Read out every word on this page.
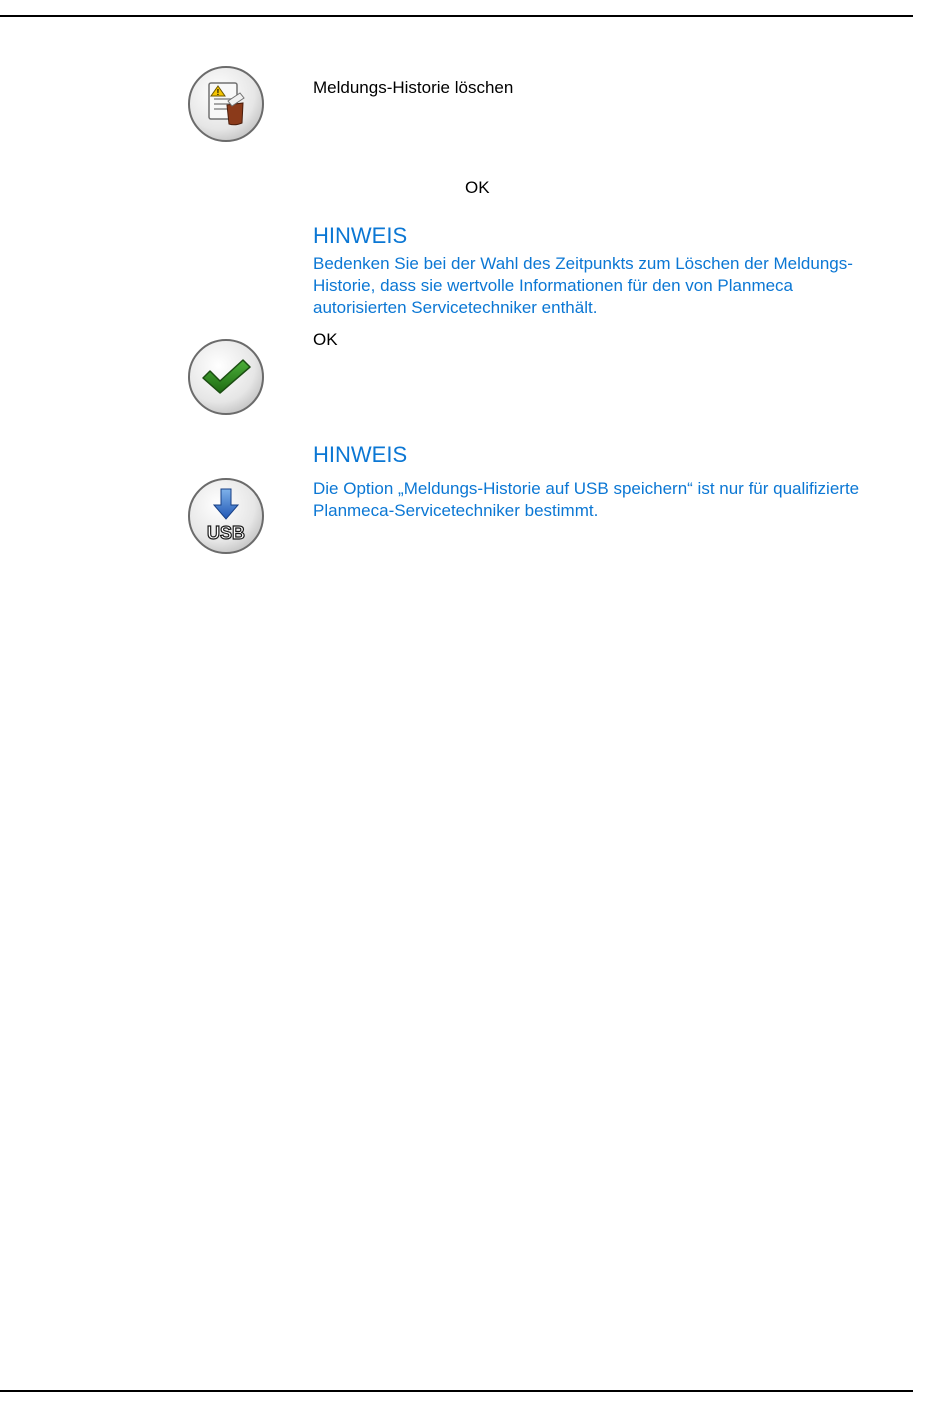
!	Meldungs-Historie löschen
OK
HINWEIS
Bedenken Sie bei der Wahl des Zeitpunkts zum Löschen der Meldungs-
Historie, dass sie wertvolle Informationen für den von Planmeca
autorisierten Servicetechniker enthält.
OK
HINWEIS
USB
Die Option „Meldungs-Historie auf USB speichern“ ist nur für qualifizierte
Planmeca-Servicetechniker bestimmt.
